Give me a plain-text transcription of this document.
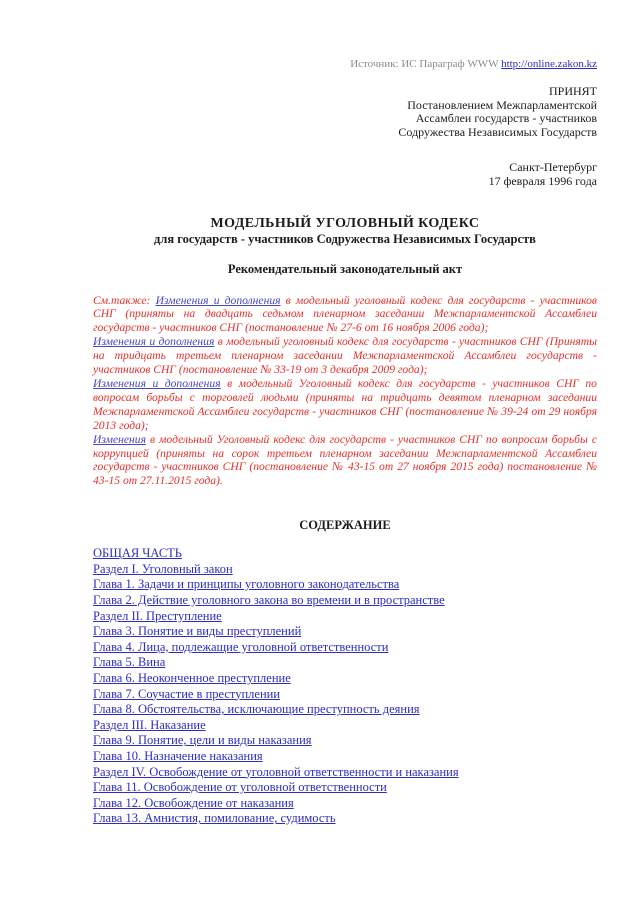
Источник: ИС Параграф WWW http://online.zakon.kz
ПРИНЯТ
Постановлением Межпарламентской
Ассамблеи государств - участников
Содружества Независимых Государств
Санкт-Петербург
17 февраля 1996 года
МОДЕЛЬНЫЙ УГОЛОВНЫЙ КОДЕКС
для государств - участников Содружества Независимых Государств
Рекомендательный законодательный акт

См.также: Изменения и дополнения в модельный уголовный кодекс для государств - участников СНГ (приняты на двадцать седьмом пленарном заседании Межпарламентской Ассамблеи государств - участников СНГ (постановление № 27-6 от 16 ноября 2006 года);

Изменения и дополнения в модельный уголовный кодекс для государств - участников СНГ (Приняты на тридцать третьем пленарном заседании Межпарламентской Ассамблеи государств - участников СНГ (постановление № 33-19 от 3 декабря 2009 года);

Изменения и дополнения в модельный Уголовный кодекс для государств - участников СНГ по вопросам борьбы с торговлей людьми (приняты на тридцать девятом пленарном заседании Межпарламентской Ассамблеи государств - участников СНГ (постановление № 39-24 от 29 ноября 2013 года);

Изменения в модельный Уголовный кодекс для государств - участников СНГ по вопросам борьбы с коррупцией (приняты на сорок третьем пленарном заседании Межпарламентской Ассамблеи государств - участников СНГ (постановление № 43-15 от 27 ноября 2015 года) постановление № 43-15 от 27.11.2015 года).

СОДЕРЖАНИЕ
ОБЩАЯ ЧАСТЬ
Раздел I. Уголовный закон
Глава 1. Задачи и принципы уголовного законодательства
Глава 2. Действие уголовного закона во времени и в пространстве
Раздел II. Преступление
Глава 3. Понятие и виды преступлений
Глава 4. Лица, подлежащие уголовной ответственности
Глава 5. Вина
Глава 6. Неоконченное преступление
Глава 7. Соучастие в преступлении
Глава 8. Обстоятельства, исключающие преступность деяния
Раздел III. Наказание
Глава 9. Понятие, цели и виды наказания
Глава 10. Назначение наказания
Раздел IV. Освобождение от уголовной ответственности и наказания
Глава 11. Освобождение от уголовной ответственности
Глава 12. Освобождение от наказания
Глава 13. Амнистия, помилование, судимость
